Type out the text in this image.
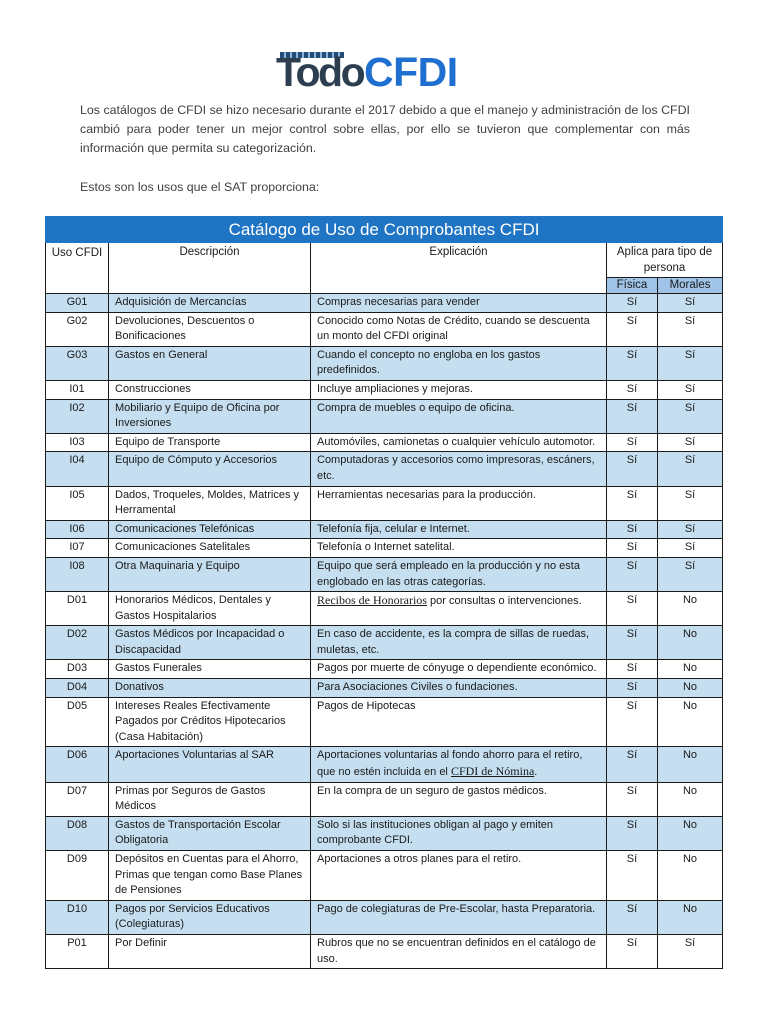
Todo CFDI

Los catálogos de CFDI se hizo necesario durante el 2017 debido a que el manejo y administración de los CFDI cambió para poder tener un mejor control sobre ellas, por ello se tuvieron que complementar con más información que permita su categorización.

Estos son los usos que el SAT proporciona:

Catálogo de Uso de Comprobantes CFDI				
Uso CFDI	Descripción	Explicación	Aplica para tipo de persona	
			Física	Morales
G01	Adquisición de Mercancías	Compras necesarias para vender	Sí	Sí
G02	Devoluciones, Descuentos o Bonificaciones	Conocido como Notas de Crédito, cuando se descuenta un monto del CFDI original	Sí	Sí
G03	Gastos en General	Cuando el concepto no engloba en los gastos predefinidos.	Sí	Sí
I01	Construcciones	Incluye ampliaciones y mejoras.	Sí	Sí
I02	Mobiliario y Equipo de Oficina por Inversiones	Compra de muebles o equipo de oficina.	Sí	Sí
I03	Equipo de Transporte	Automóviles, camionetas o cualquier vehículo automotor.	Sí	Sí
I04	Equipo de Cómputo y Accesorios	Computadoras y accesorios como impresoras, escáners, etc.	Sí	Sí
I05	Dados, Troqueles, Moldes, Matrices y Herramental	Herramientas necesarias para la producción.	Sí	Sí
I06	Comunicaciones Telefónicas	Telefonía fija, celular e Internet.	Sí	Sí
I07	Comunicaciones Satelitales	Telefonía o Internet satelital.	Sí	Sí
I08	Otra Maquinaria y Equipo	Equipo que será empleado en la producción y no esta englobado en las otras categorías.	Sí	Sí
D01	Honorarios Médicos, Dentales y Gastos Hospitalarios	Recibos de Honorarios por consultas o intervenciones.	Sí	No
D02	Gastos Médicos por Incapacidad o Discapacidad	En caso de accidente, es la compra de sillas de ruedas, muletas, etc.	Sí	No
D03	Gastos Funerales	Pagos por muerte de cónyuge o dependiente económico.	Sí	No
D04	Donativos	Para Asociaciones Civiles o fundaciones.	Sí	No
D05	Intereses Reales Efectivamente Pagados por Créditos Hipotecarios (Casa Habitación)	Pagos de Hipotecas	Sí	No
D06	Aportaciones Voluntarias al SAR	Aportaciones voluntarias al fondo ahorro para el retiro, que no estén incluida en el CFDI de Nómina.	Sí	No
D07	Primas por Seguros de Gastos Médicos	En la compra de un seguro de gastos médicos.	Sí	No
D08	Gastos de Transportación Escolar Obligatoria	Solo si las instituciones obligan al pago y emiten comprobante CFDI.	Sí	No
D09	Depósitos en Cuentas para el Ahorro, Primas que tengan como Base Planes de Pensiones	Aportaciones a otros planes para el retiro.	Sí	No
D10	Pagos por Servicios Educativos (Colegiaturas)	Pago de colegiaturas de Pre-Escolar, hasta Preparatoria.	Sí	No
P01	Por Definir	Rubros que no se encuentran definidos en el catálogo de uso.	Sí	Sí
